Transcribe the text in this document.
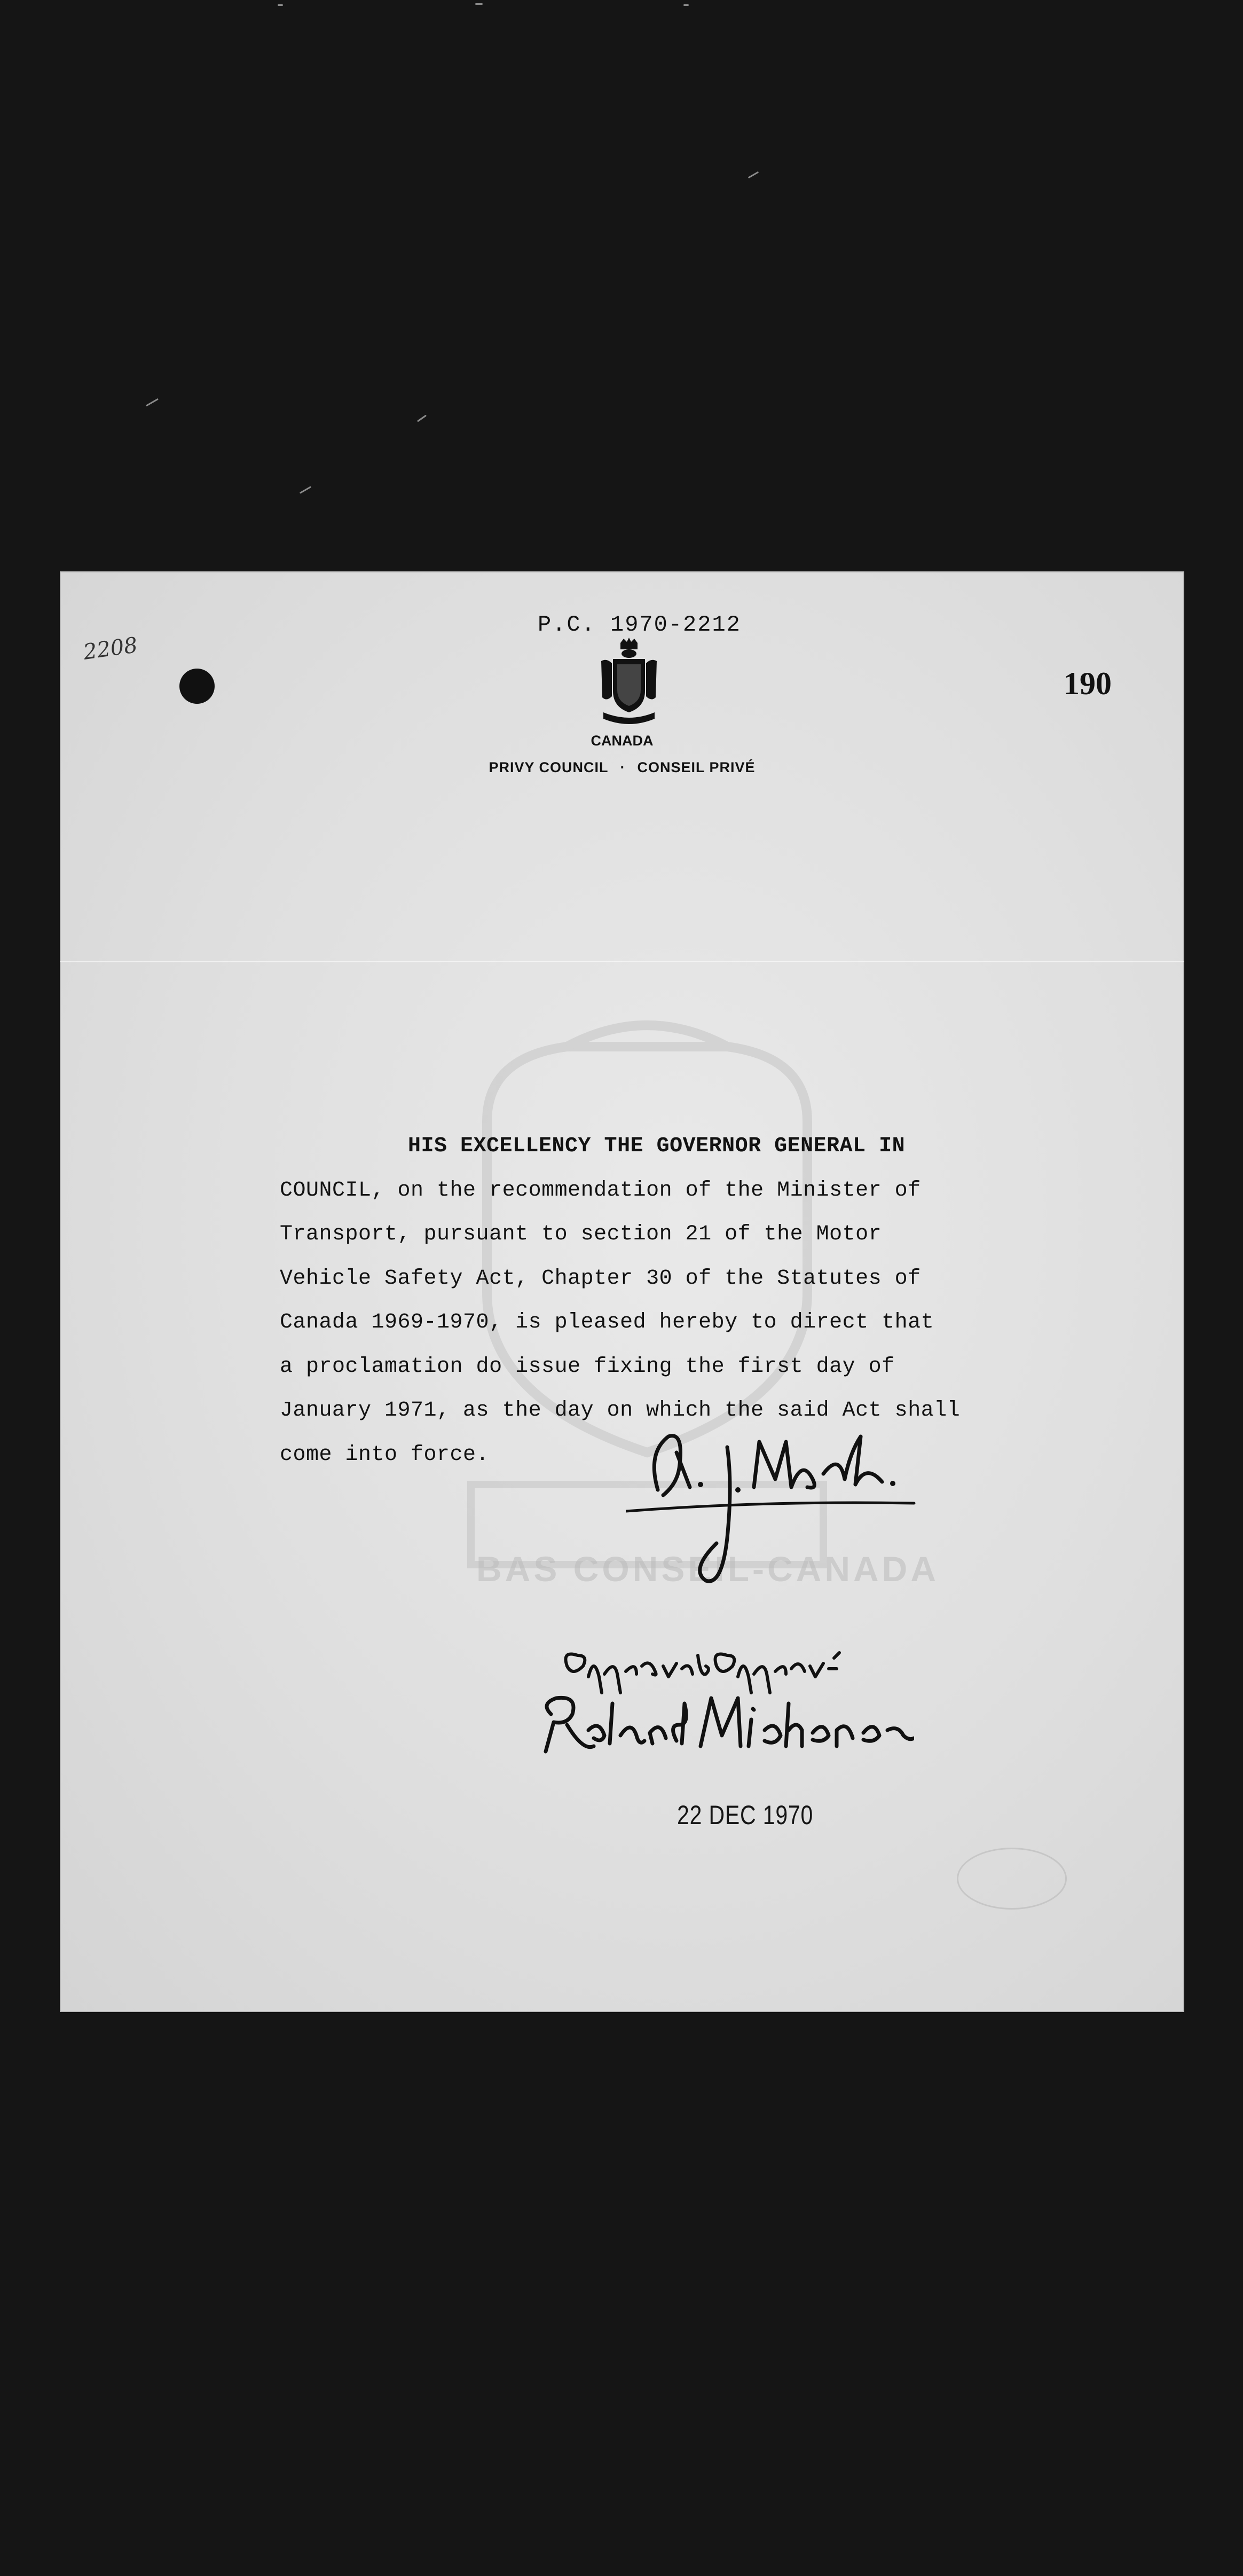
BAS CONSEIL-CANADA
2208
P.C. 1970-2212
190
CANADA
PRIVY COUNCIL · CONSEIL PRIVÉ
HIS EXCELLENCY THE GOVERNOR GENERAL IN
COUNCIL, on the recommendation of the Minister of
Transport, pursuant to section 21 of the Motor
Vehicle Safety Act, Chapter 30 of the Statutes of
Canada 1969-1970, is pleased hereby to direct that
a proclamation do issue fixing the first day of
January 1971, as the day on which the said Act shall
come into force.
22 DEC 1970
